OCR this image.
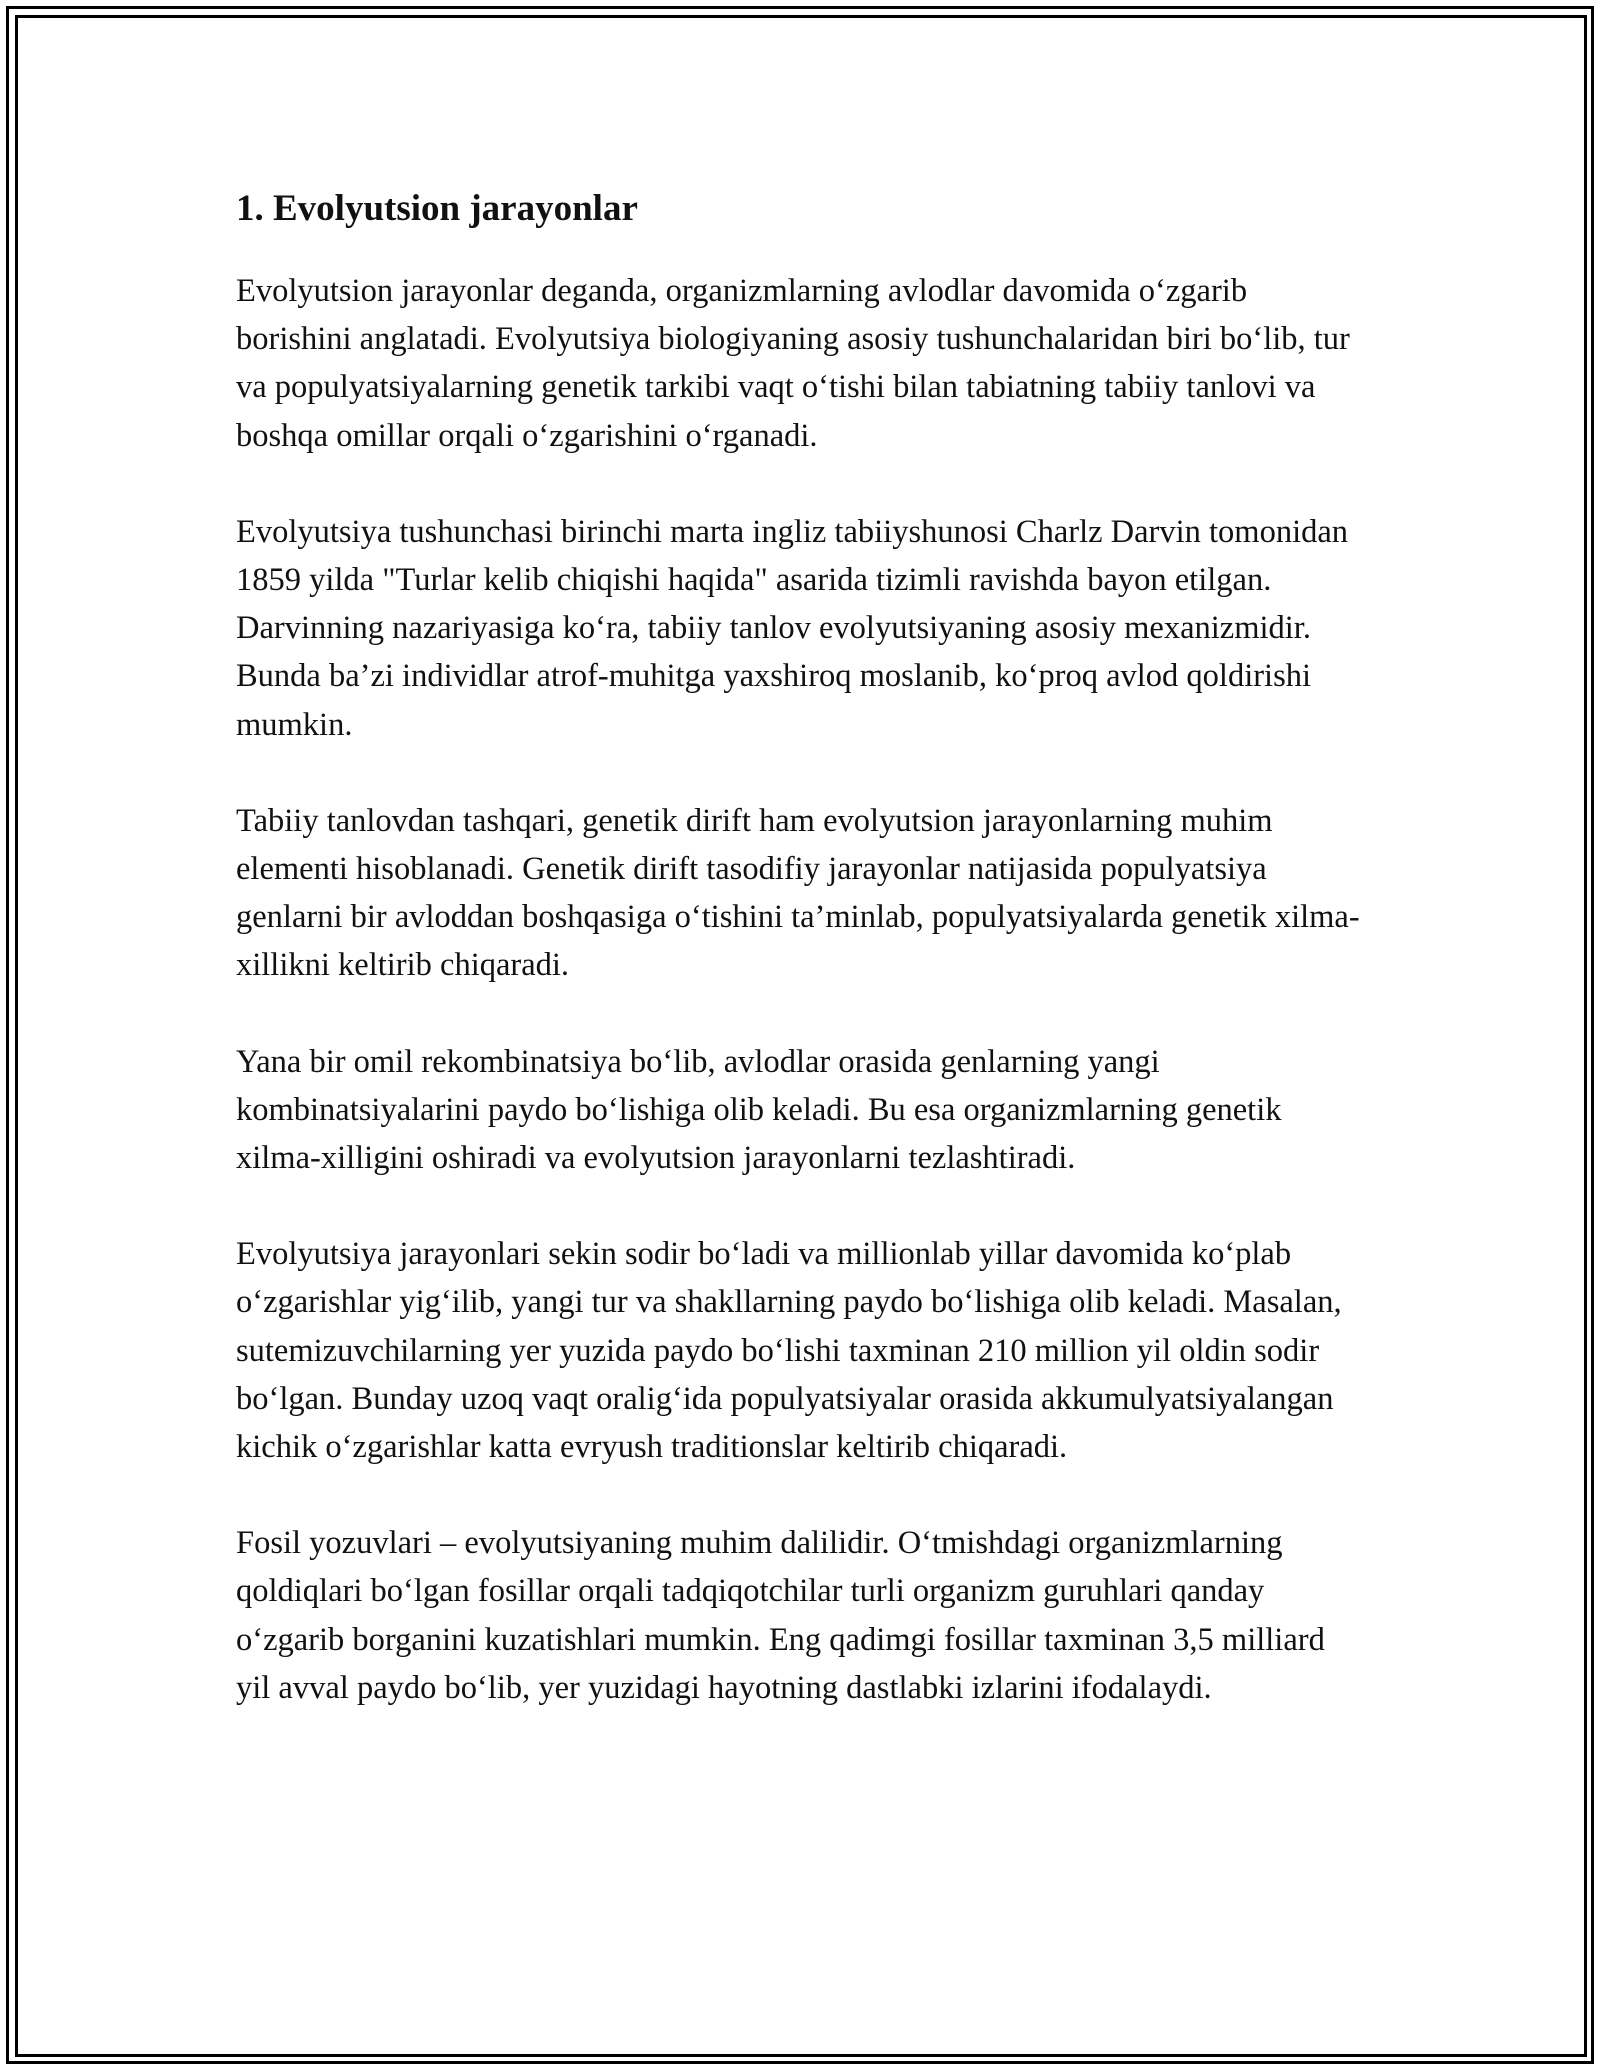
1. Evolyutsion jarayonlar

Evolyutsion jarayonlar deganda, organizmlarning avlodlar davomida o‘zgarib borishini anglatadi. Evolyutsiya biologiyaning asosiy tushunchalaridan biri bo‘lib, tur va populyatsiyalarning genetik tarkibi vaqt o‘tishi bilan tabiatning tabiiy tanlovi va boshqa omillar orqali o‘zgarishini o‘rganadi.

Evolyutsiya tushunchasi birinchi marta ingliz tabiiyshunosi Charlz Darvin tomonidan 1859 yilda "Turlar kelib chiqishi haqida" asarida tizimli ravishda bayon etilgan. Darvinning nazariyasiga ko‘ra, tabiiy tanlov evolyutsiyaning asosiy mexanizmidir. Bunda ba’zi individlar atrof-muhitga yaxshiroq moslanib, ko‘proq avlod qoldirishi mumkin.

Tabiiy tanlovdan tashqari, genetik dirift ham evolyutsion jarayonlarning muhim elementi hisoblanadi. Genetik dirift tasodifiy jarayonlar natijasida populyatsiya genlarni bir avloddan boshqasiga o‘tishini ta’minlab, populyatsiyalarda genetik xilma-xillikni keltirib chiqaradi.

Yana bir omil rekombinatsiya bo‘lib, avlodlar orasida genlarning yangi kombinatsiyalarini paydo bo‘lishiga olib keladi. Bu esa organizmlarning genetik xilma-xilligini oshiradi va evolyutsion jarayonlarni tezlashtiradi.

Evolyutsiya jarayonlari sekin sodir bo‘ladi va millionlab yillar davomida ko‘plab o‘zgarishlar yig‘ilib, yangi tur va shakllarning paydo bo‘lishiga olib keladi. Masalan, sutemizuvchilarning yer yuzida paydo bo‘lishi taxminan 210 million yil oldin sodir bo‘lgan. Bunday uzoq vaqt oralig‘ida populyatsiyalar orasida akkumulyatsiyalangan kichik o‘zgarishlar katta evryush traditionslar keltirib chiqaradi.

Fosil yozuvlari – evolyutsiyaning muhim dalilidir. O‘tmishdagi organizmlarning qoldiqlari bo‘lgan fosillar orqali tadqiqotchilar turli organizm guruhlari qanday o‘zgarib borganini kuzatishlari mumkin. Eng qadimgi fosillar taxminan 3,5 milliard yil avval paydo bo‘lib, yer yuzidagi hayotning dastlabki izlarini ifodalaydi.
